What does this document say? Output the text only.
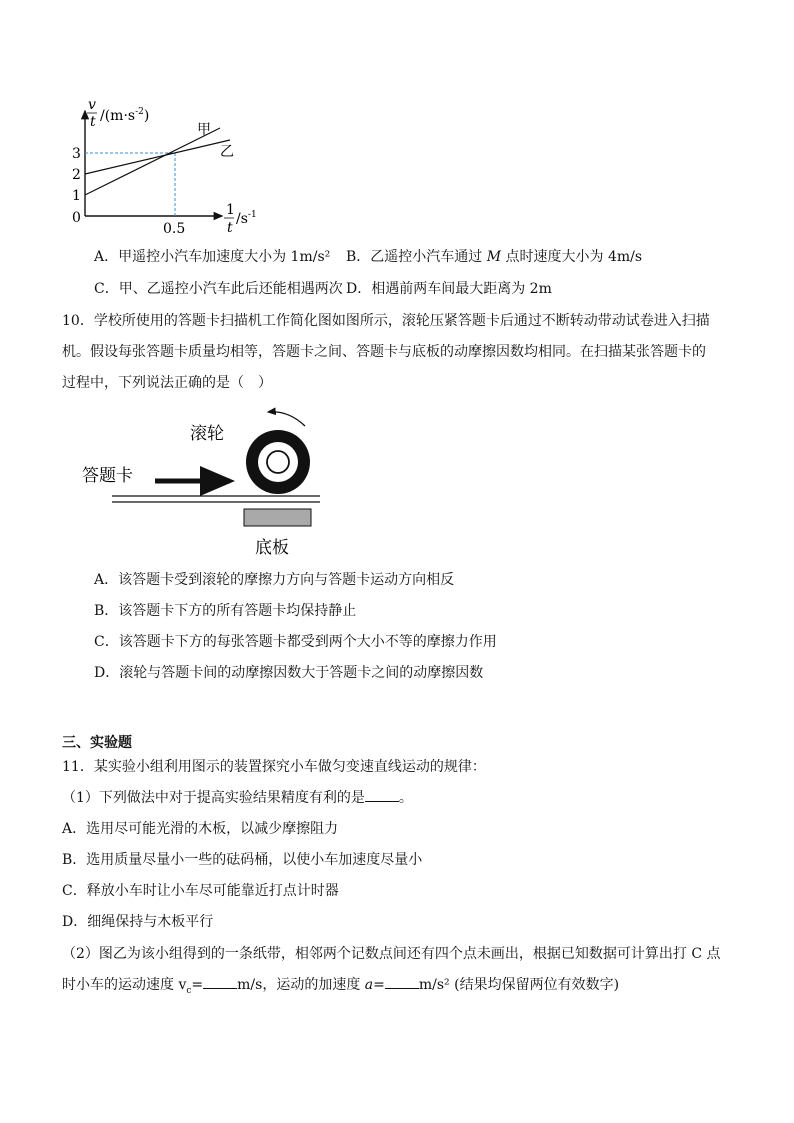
v
t $/(m\cdot s^{-2})$
甲
乙
3
2
1
0
0.5
1
t
$/s^{-1}$
A．甲遥控小汽车加速度大小为 1m/s² B．乙遥控小汽车通过 M 点时速度大小为 4m/s
C．甲、乙遥控小汽车此后还能相遇两次 D．相遇前两车间最大距离为 2m
10．学校所使用的答题卡扫描机工作简化图如图所示，滚轮压紧答题卡后通过不断转动带动试卷进入扫描
机。假设每张答题卡质量均相等，答题卡之间、答题卡与底板的动摩擦因数均相同。在扫描某张答题卡的
过程中，下列说法正确的是（　）
滚轮
答题卡
底板
A．该答题卡受到滚轮的摩擦力方向与答题卡运动方向相反
B．该答题卡下方的所有答题卡均保持静止
C．该答题卡下方的每张答题卡都受到两个大小不等的摩擦力作用
D．滚轮与答题卡间的动摩擦因数大于答题卡之间的动摩擦因数
三、实验题
11．某实验小组利用图示的装置探究小车做匀变速直线运动的规律：
（1）下列做法中对于提高实验结果精度有利的是 。
A．选用尽可能光滑的木板，以减少摩擦阻力
B．选用质量尽量小一些的砝码桶，以使小车加速度尽量小
C．释放小车时让小车尽可能靠近打点计时器
D．细绳保持与木板平行
（2）图乙为该小组得到的一条纸带，相邻两个记数点间还有四个点未画出，根据已知数据可计算出打 C 点
时小车的运动速度 $v_c= m/s$，运动的加速度 a= m/s² (结果均保留两位有效数字)
